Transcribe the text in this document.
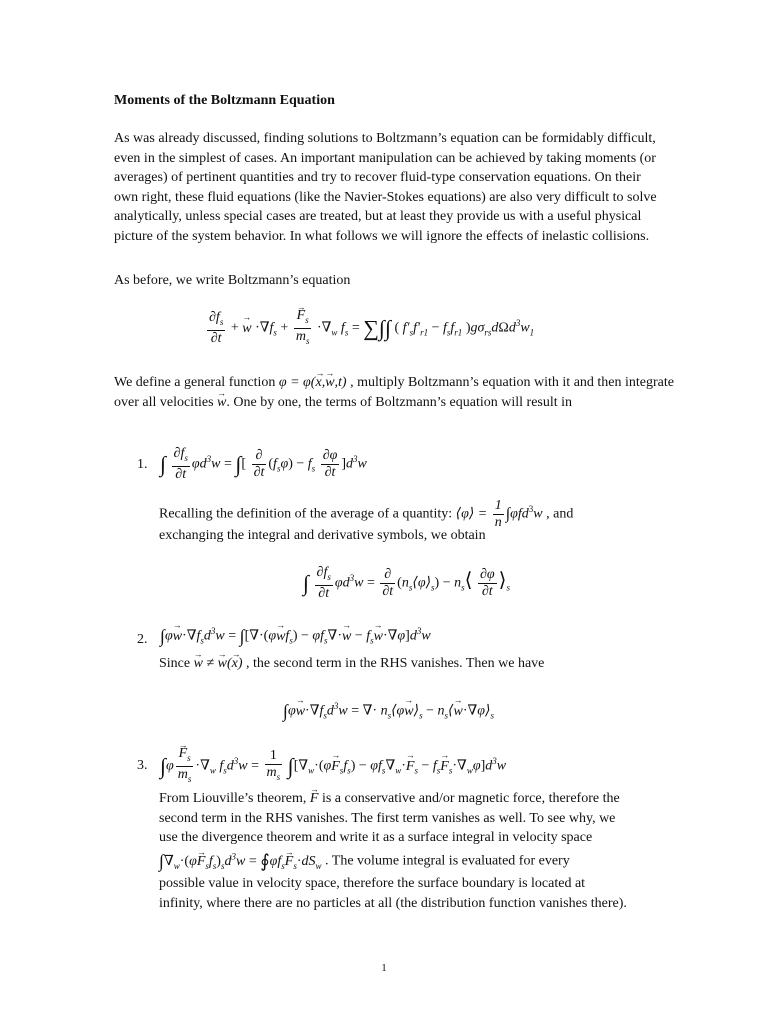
Moments of the Boltzmann Equation

As was already discussed, finding solutions to Boltzmann’s equation can be formidably difficult, even in the simplest of cases. An important manipulation can be achieved by taking moments (or averages) of pertinent quantities and try to recover fluid-type conservation equations. On their own right, these fluid equations (like the Navier-Stokes equations) are also very difficult to solve analytically, unless special cases are treated, but at least they provide us with a useful physical picture of the system behavior. In what follows we will ignore the effects of inelastic collisions.

As before, we write Boltzmann’s equation

$\frac{\partial f_s}{\partial t}$ + → $w \cdot\nabla f_s$ +
→ $\frac{F_s}{m_s} \cdot\nabla_w$ $f_s$ = ∑∫∫ ( $f'_sf'_{r1} - f_sf_{r1}$ )$g\sigma_{rs}d\Omega d^3w_1$

We define a general function φ = φ(→ x,→ w,t) , multiply Boltzmann’s equation with it and then integrate over all velocities → w. One by one, the terms of Boltzmann’s equation will result in

1. ∫ $\frac{\partial f_s}{\partial t} \varphi d^3w$ = ∫[ $\frac{\partial}{\partial t} (f_s\varphi) - f_s \frac{\partial\varphi}{\partial t} ]d^3w$

Recalling the definition of the average of a quantity: ⟨φ⟩ = $\frac{1}{n} \int\varphi fd^3w$ , and

exchanging the integral and derivative symbols, we obtain

∫ $\frac{\partial f_s}{\partial t} \varphi d^3w = \frac{\partial}{\partial t}$ $(n_s⟨\varphi⟩_s)$ − $n_s⟨ \frac{\partial\varphi}{\partial t}$ $⟩_s$
2. $\int\varphi\to w\cdot\nabla f_sd^3w = \int[\nabla\cdot(\varphi\to wf_s) - \varphi f_s\nabla\cdot\to w - f_s\to w\cdot\nabla\varphi]d^3w$

Since → w ≠ → w(→ x) , the second term in the RHS vanishes. Then we have

$\int\varphi\to w\cdot\nabla f_sd^3w$ = ∇· $n_s⟨\varphi\to$ $w⟩_s$ − $n_s⟨\to$ $w\cdot\nabla\varphi⟩_s$
3. ∫φ
→ $\frac{F_s}{m_s} \cdot\nabla_w$ $f_sd^3w = \frac{1}{m_s} \int[\nabla_w\cdot(\varphi\to F_sf_s) - \varphi f_s\nabla_w\cdot\to F_s - f_s\to F_s\cdot\nabla_w\varphi]d^3w$

From Liouville’s theorem, → F is a conservative and/or magnetic force, therefore the second term in the RHS vanishes. The first term vanishes as well. To see why, we use the divergence theorem and write it as a surface integral in velocity space

$\int\nabla_w\cdot(\varphi\to F_sf_s)_sd^3w$ = $∮\varphi f_s\to F_s\cdot dS_w$ . The volume integral is evaluated for every

possible value in velocity space, therefore the surface boundary is located at infinity, where there are no particles at all (the distribution function vanishes there).

1
